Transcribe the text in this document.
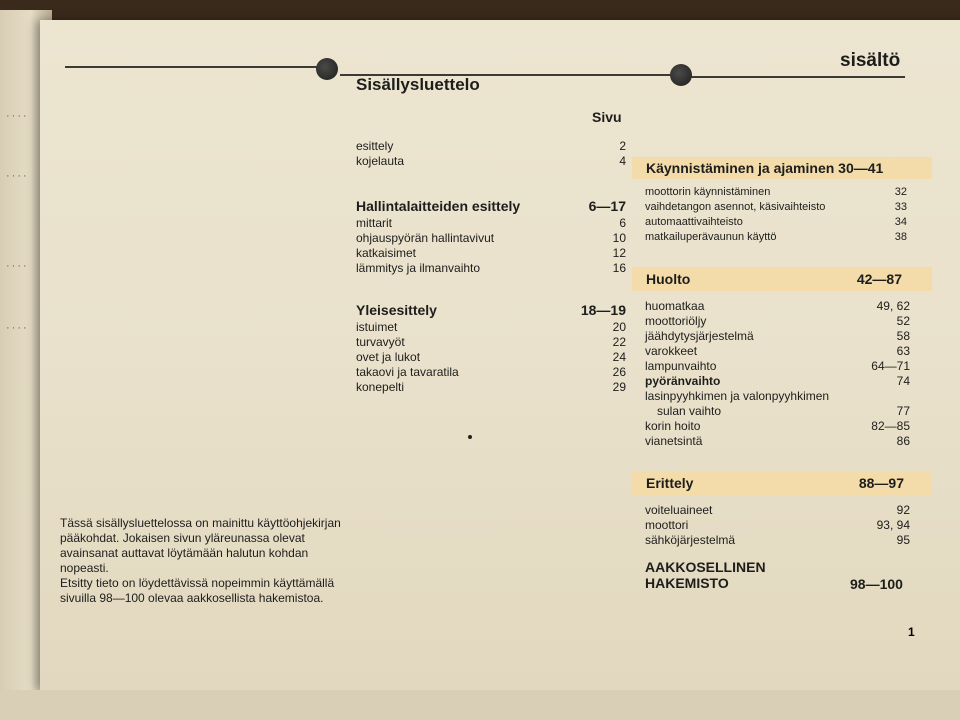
····
····
····
····
sisältö
Sisällysluettelo
Sivu
esittely	2
kojelauta	4
Hallintalaitteiden esittely	6—17
mittarit	6
ohjauspyörän hallintavivut	10
katkaisimet	12
lämmitys ja ilmanvaihto	16
Yleisesittely	18—19
istuimet	20
turvavyöt	22
ovet ja lukot	24
takaovi ja tavaratila	26
konepelti	29

Tässä sisällysluettelossa on mainittu käyttöohjekirjan pääkohdat. Jokaisen sivun yläreunassa olevat avainsanat auttavat löytämään halutun kohdan nopeasti.

Etsitty tieto on löydettävissä nopeimmin käyttämällä sivuilla 98—100 olevaa aakkosellista hakemistoa.

Käynnistäminen ja ajaminen 30—41
moottorin käynnistäminen	32
vaihdetangon asennot, käsivaihteisto	33
automaattivaihteisto	34
matkailuperävaunun käyttö	38
Huolto	42—87
huomatkaa	49, 62
moottoriöljy	52
jäähdytysjärjestelmä	58
varokkeet	63
lampunvaihto	64—71
pyöränvaihto	74
lasinpyyhkimen ja valonpyyhkimen
sulan vaihto	77
korin hoito	82—85
vianetsintä	86
Erittely	88—97
voiteluaineet	92
moottori	93, 94
sähköjärjestelmä	95
AAKKOSELLINEN
HAKEMISTO	98—100
1
